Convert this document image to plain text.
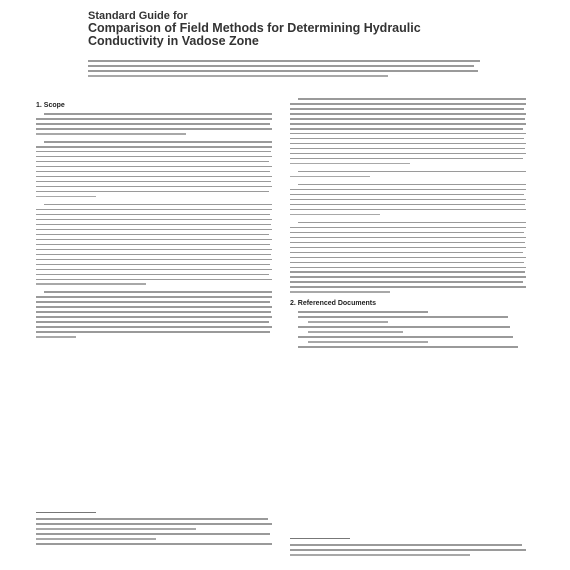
Standard Guide for
Comparison of Field Methods for Determining Hydraulic Conductivity in Vadose Zone
1. Scope
2. Referenced Documents
